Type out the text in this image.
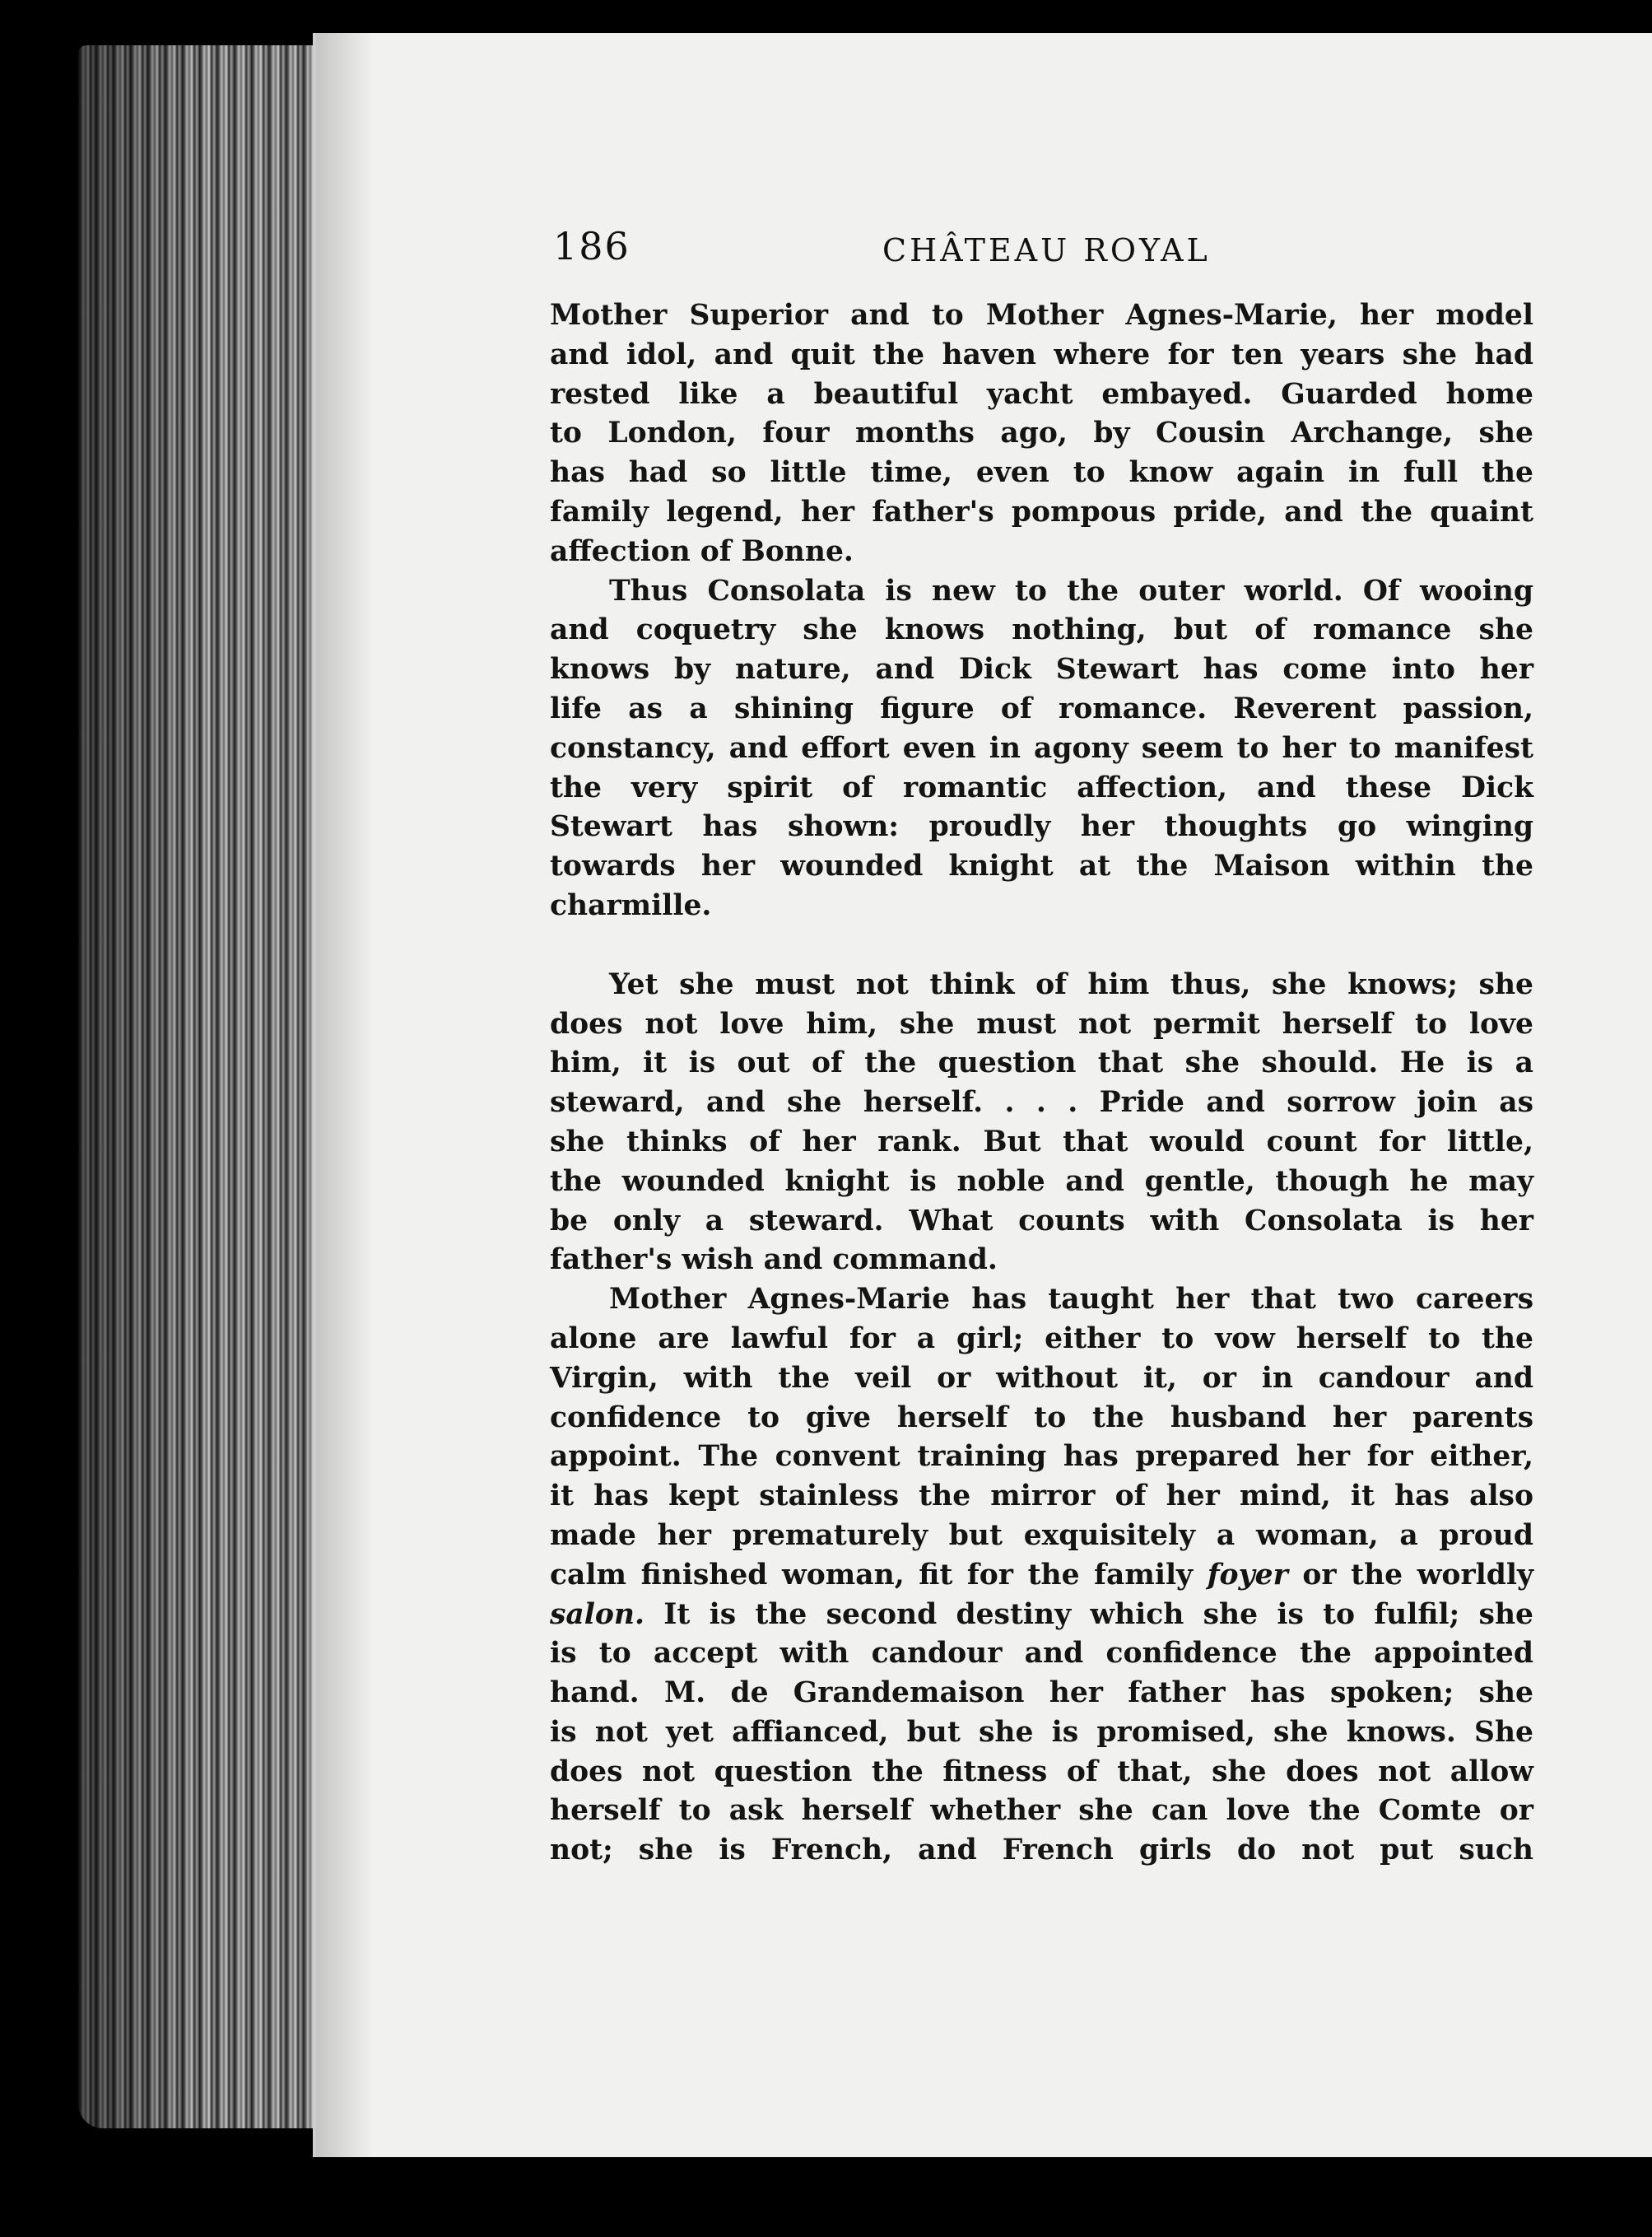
186	CHÂTEAU ROYAL
Mother Superior and to Mother Agnes-Marie, her model
and idol, and quit the haven where for ten years she had
rested like a beautiful yacht embayed. Guarded home
to London, four months ago, by Cousin Archange, she
has had so little time, even to know again in full the
family legend, her father's pompous pride, and the quaint
affection of Bonne.
Thus Consolata is new to the outer world. Of wooing
and coquetry she knows nothing, but of romance she
knows by nature, and Dick Stewart has come into her
life as a shining figure of romance. Reverent passion,
constancy, and effort even in agony seem to her to manifest
the very spirit of romantic affection, and these Dick
Stewart has shown: proudly her thoughts go winging
towards her wounded knight at the Maison within the
charmille.
Yet she must not think of him thus, she knows; she
does not love him, she must not permit herself to love
him, it is out of the question that she should. He is a
steward, and she herself. . . . Pride and sorrow join as
she thinks of her rank. But that would count for little,
the wounded knight is noble and gentle, though he may
be only a steward. What counts with Consolata is her
father's wish and command.
Mother Agnes-Marie has taught her that two careers
alone are lawful for a girl; either to vow herself to the
Virgin, with the veil or without it, or in candour and
confidence to give herself to the husband her parents
appoint. The convent training has prepared her for either,
it has kept stainless the mirror of her mind, it has also
made her prematurely but exquisitely a woman, a proud
calm finished woman, fit for the family foyer or the worldly
salon. It is the second destiny which she is to fulfil; she
is to accept with candour and confidence the appointed
hand. M. de Grandemaison her father has spoken; she
is not yet affianced, but she is promised, she knows. She
does not question the fitness of that, she does not allow
herself to ask herself whether she can love the Comte or
not; she is French, and French girls do not put such
